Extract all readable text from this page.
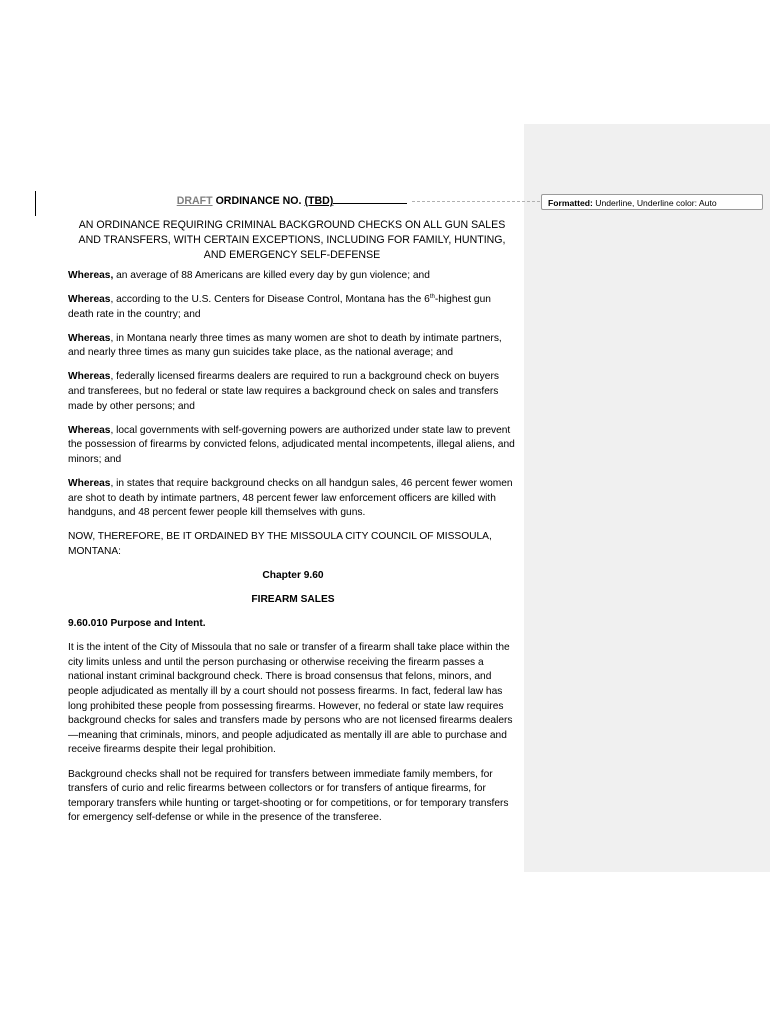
DRAFT ORDINANCE NO. (TBD)
AN ORDINANCE REQUIRING CRIMINAL BACKGROUND CHECKS ON ALL GUN SALES AND TRANSFERS, WITH CERTAIN EXCEPTIONS, INCLUDING FOR FAMILY, HUNTING, AND EMERGENCY SELF-DEFENSE

Whereas, an average of 88 Americans are killed every day by gun violence; and

Whereas, according to the U.S. Centers for Disease Control, Montana has the 6th-highest gun death rate in the country; and

Whereas, in Montana nearly three times as many women are shot to death by intimate partners, and nearly three times as many gun suicides take place, as the national average; and

Whereas, federally licensed firearms dealers are required to run a background check on buyers and transferees, but no federal or state law requires a background check on sales and transfers made by other persons; and

Whereas, local governments with self-governing powers are authorized under state law to prevent the possession of firearms by convicted felons, adjudicated mental incompetents, illegal aliens, and minors; and

Whereas, in states that require background checks on all handgun sales, 46 percent fewer women are shot to death by intimate partners, 48 percent fewer law enforcement officers are killed with handguns, and 48 percent fewer people kill themselves with guns.

NOW, THEREFORE, BE IT ORDAINED BY THE MISSOULA CITY COUNCIL OF MISSOULA, MONTANA:

Chapter 9.60

FIREARM SALES

9.60.010 Purpose and Intent.

It is the intent of the City of Missoula that no sale or transfer of a firearm shall take place within the city limits unless and until the person purchasing or otherwise receiving the firearm passes a national instant criminal background check. There is broad consensus that felons, minors, and people adjudicated as mentally ill by a court should not possess firearms. In fact, federal law has long prohibited these people from possessing firearms. However, no federal or state law requires background checks for sales and transfers made by persons who are not licensed firearms dealers—meaning that criminals, minors, and people adjudicated as mentally ill are able to purchase and receive firearms despite their legal prohibition.

Background checks shall not be required for transfers between immediate family members, for transfers of curio and relic firearms between collectors or for transfers of antique firearms, for temporary transfers while hunting or target-shooting or for competitions, or for temporary transfers for emergency self-defense or while in the presence of the transferee.

Formatted: Underline, Underline color: Auto
